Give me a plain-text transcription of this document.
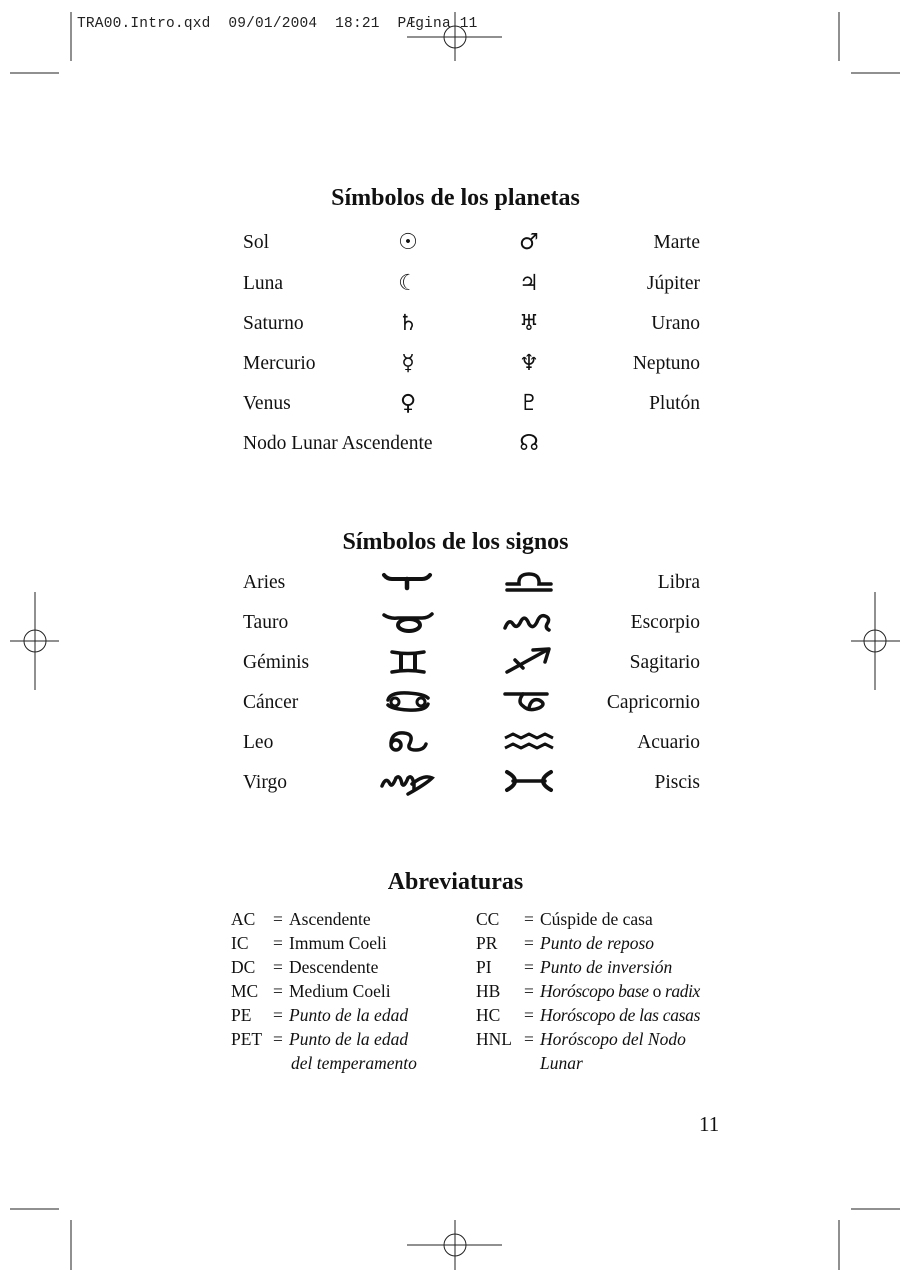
TRA00.Intro.qxd  09/01/2004  18:21  PÆgina 11
Símbolos de los planetas
Sol	☉	♂	Marte
Luna	☾	♃	Júpiter
Saturno	♄	♅	Urano
Mercurio	☿	♆	Neptuno
Venus	♀	♇	Plutón
Nodo Lunar Ascendente	☊
Símbolos de los signos
Aries	Libra
Tauro	Escorpio
Géminis	Sagitario
Cáncer	Capricornio
Leo	Acuario
Virgo	Piscis
Abreviaturas
AC = Ascendente
IC = Immum Coeli
DC = Descendente
MC = Medium Coeli
PE = Punto de la edad
PET = Punto de la edad
del temperamento
CC = Cúspide de casa
PR = Punto de reposo
PI = Punto de inversión
HB = Horóscopo base o radix
HC = Horóscopo de las casas
HNL = Horóscopo del Nodo
Lunar
11
